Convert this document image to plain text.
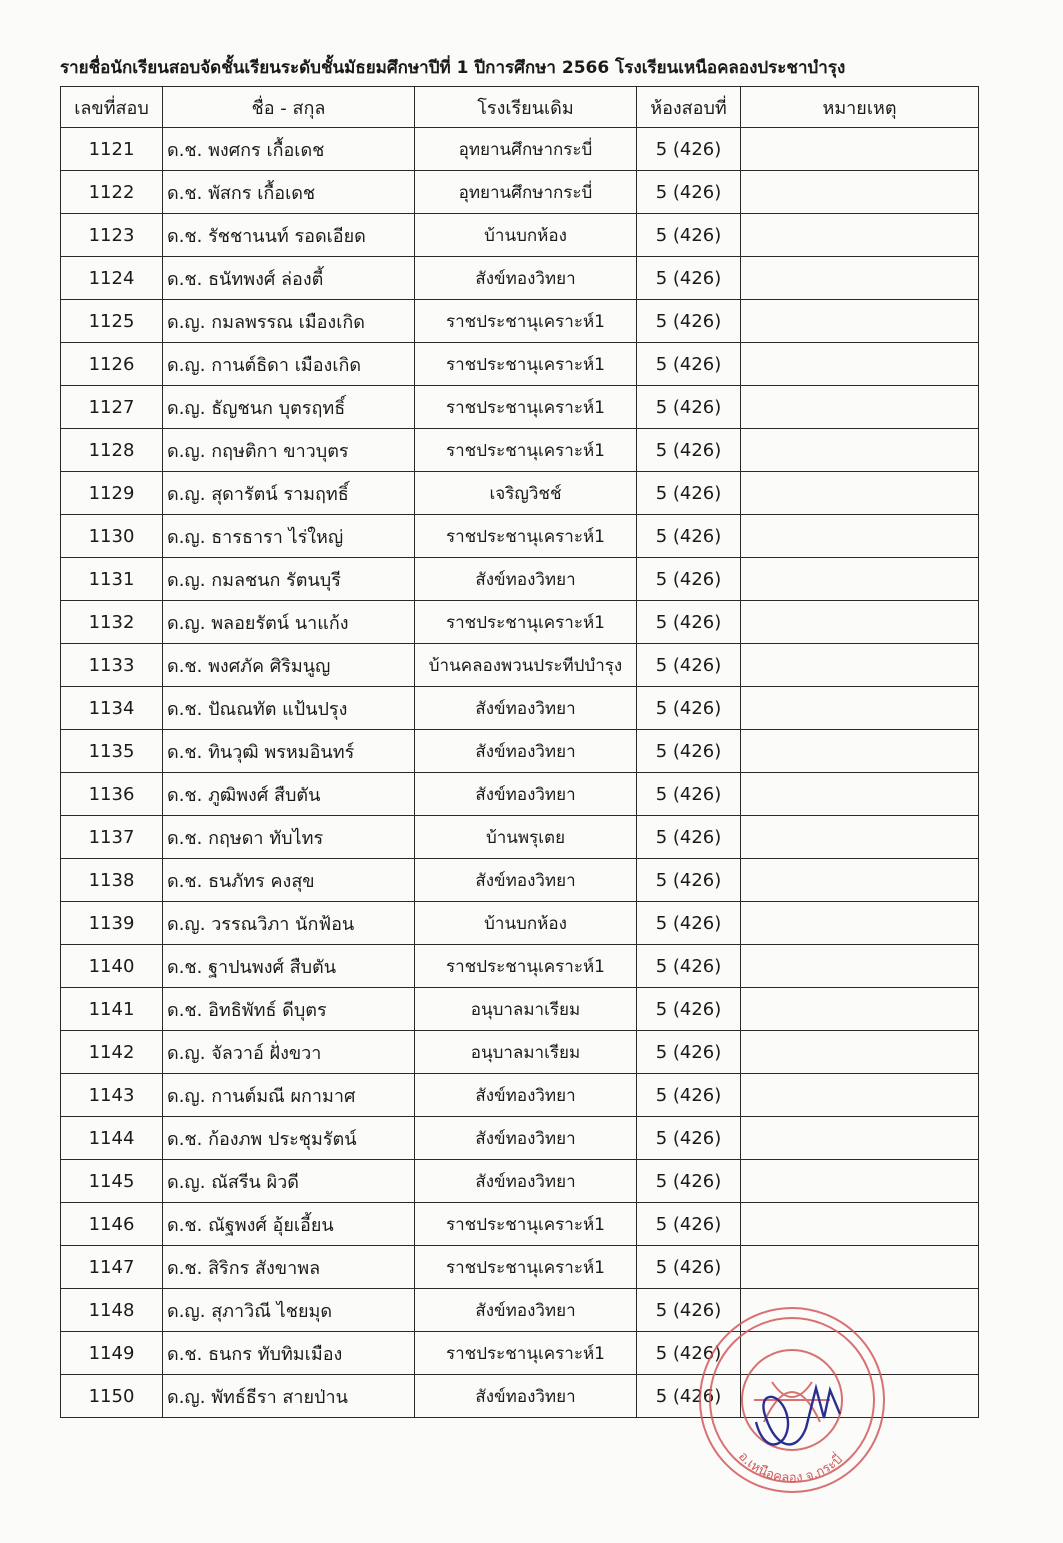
รายชื่อนักเรียนสอบจัดชั้นเรียนระดับชั้นมัธยมศึกษาปีที่ 1 ปีการศึกษา 2566 โรงเรียนเหนือคลองประชาบำรุง
เลขที่สอบ	ชื่อ - สกุล	โรงเรียนเดิม	ห้องสอบที่	หมายเหตุ
1121	ด.ช. พงศกร เกื้อเดช	อุทยานศึกษากระบี่	5 (426)	
1122	ด.ช. พัสกร เกื้อเดช	อุทยานศึกษากระบี่	5 (426)	
1123	ด.ช. รัชชานนท์ รอดเอียด	บ้านบกห้อง	5 (426)	
1124	ด.ช. ธนัทพงศ์ ล่องตี้	สังข์ทองวิทยา	5 (426)	
1125	ด.ญ. กมลพรรณ เมืองเกิด	ราชประชานุเคราะห์1	5 (426)	
1126	ด.ญ. กานต์ธิดา เมืองเกิด	ราชประชานุเคราะห์1	5 (426)	
1127	ด.ญ. ธัญชนก บุตรฤทธิ์	ราชประชานุเคราะห์1	5 (426)	
1128	ด.ญ. กฤษติกา ขาวบุตร	ราชประชานุเคราะห์1	5 (426)	
1129	ด.ญ. สุดารัตน์ รามฤทธิ์	เจริญวิชช์	5 (426)	
1130	ด.ญ. ธารธารา ไร่ใหญ่	ราชประชานุเคราะห์1	5 (426)	
1131	ด.ญ. กมลชนก รัตนบุรี	สังข์ทองวิทยา	5 (426)	
1132	ด.ญ. พลอยรัตน์ นาแก้ง	ราชประชานุเคราะห์1	5 (426)	
1133	ด.ช. พงศภัค ศิริมนูญ	บ้านคลองพวนประทีปบำรุง	5 (426)	
1134	ด.ช. ปัณณทัต แป้นปรุง	สังข์ทองวิทยา	5 (426)	
1135	ด.ช. ทินวุฒิ พรหมอินทร์	สังข์ทองวิทยา	5 (426)	
1136	ด.ช. ภูฒิพงศ์ สืบตัน	สังข์ทองวิทยา	5 (426)	
1137	ด.ช. กฤษดา ทับไทร	บ้านพรุเตย	5 (426)	
1138	ด.ช. ธนภัทร คงสุข	สังข์ทองวิทยา	5 (426)	
1139	ด.ญ. วรรณวิภา นักฟ้อน	บ้านบกห้อง	5 (426)	
1140	ด.ช. ฐาปนพงศ์ สืบตัน	ราชประชานุเคราะห์1	5 (426)	
1141	ด.ช. อิทธิพัทธ์ ดีบุตร	อนุบาลมาเรียม	5 (426)	
1142	ด.ญ. จัลวาอ์ ฝั่งขวา	อนุบาลมาเรียม	5 (426)	
1143	ด.ญ. กานต์มณี ผกามาศ	สังข์ทองวิทยา	5 (426)	
1144	ด.ช. ก้องภพ ประชุมรัตน์	สังข์ทองวิทยา	5 (426)	
1145	ด.ญ. ณัสรีน ผิวดี	สังข์ทองวิทยา	5 (426)	
1146	ด.ช. ณัฐพงศ์ อุ้ยเอี้ยน	ราชประชานุเคราะห์1	5 (426)	
1147	ด.ช. สิริกร สังขาพล	ราชประชานุเคราะห์1	5 (426)	
1148	ด.ญ. สุภาวิณี ไชยมุด	สังข์ทองวิทยา	5 (426)	
1149	ด.ช. ธนกร ทับทิมเมือง	ราชประชานุเคราะห์1	5 (426)	
1150	ด.ญ. พัทธ์ธีรา สายป่าน	สังข์ทองวิทยา	5 (426)	
อ.เหนือคลอง จ.กระบี่
